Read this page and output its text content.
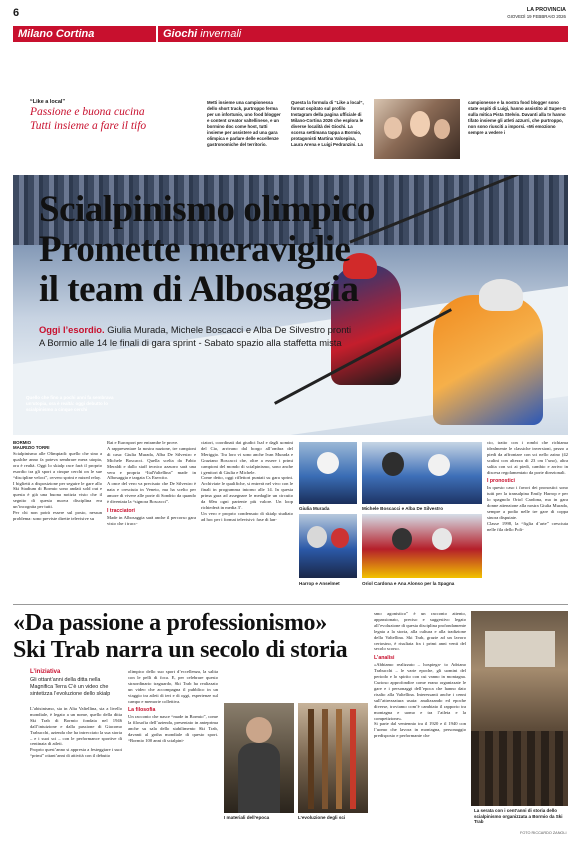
6	LA PROVINCIA
GIOVEDÌ 19 FEBBRAIO 2026
Milano Cortina	Giochi invernali
“Like a local”
Passione e buona cucina
Tutti insieme a fare il tifo
Metti insieme una campionessa dello short track, purtroppo ferma per un infortunio, uno food blogger e content creator valtellinese, e un bormino doc come host, tutti insieme per assistere ad una gara olimpica e parlare delle eccellenze gastronomiche del territorio.
Questa la formula di “Like a local”, format ospitato sul profilo Instagram della pagina ufficiale di Milano-Cortina 2026 che esplora le diverse località dei Giochi. La scorsa settimana tappa a Bormio, protagonisti Martina Valcepina, Laura Arena e Luigi Pedranzini. La
campionesse e la nostra food blogger sono state ospiti di Luigi, hanno assistito al Super-G sulla mitica Pista Stelvio. Davanti alla tv hanno tifato insieme gli atleti azzurri, che purtroppo, non sono riusciti a imporsi. «Mi emoziono sempre a vedere i
Scialpinismo olimpico
Promette meraviglie
il team di Albosaggia
Oggi l’esordio. Giulia Murada, Michele Boscacci e Alba De Silvestro pronti
A Bormio alle 14 le finali di gara sprint - Sabato spazio alla staffetta mista
Quello che fino a pochi anni fa sembrava un’utopia, ora è realtà: oggi debutto lo scialpinismo a cinque cerchi
BORMIO
MAURIZIO TORRI
Scialpinismo alle Olimpiadi: quello che sino a qualche anno fa poteva sembrare mera utopia, ora è realtà. Oggi lo skialp race farà il proprio esordio tra gli sport a cinque cerchi on le sue “discipline veloci”, ovvero sprint e mixed relay.
I biglietti a disposizione per seguire le gare allo Ski Stadium di Bormio sono andati sold out e questa è già una buona notizia visto che il segnito di questa nuova disciplina era un’incognita per tutti.
Per chi non potrà essere sul posto, nessun problema: sono previste dirette televisive su
Rai e Eurosport per entrambe le prove.
A rappresentare la nostra nazione, tre campioni di casa: Giulia Murada, Alba De Silvestro e Michele Boscacci. Quella scelta da Fabio Meraldi e dallo staff tecnico azzurro sarà una vera e propria “ItalValtellina” made in Albosaggia e targata Cs Esercito.
A once del vero va precisato che De Silvestro è nata e cresciuta in Veneto, ma ha scelto per amore di vivere alle porte di Sondrio da quando è diventata la “signora Boscacci”.
I tracciatori
Made in Albosaggia sarà anche il percorso gara visto che i tracc-
ciatori, coordinati dai giudici Isaf e dagli uomini del Cio, arrivano dal borgo all’ombra del Meriggio. Tra loro vi sono anche Ivan Murada e Graziano Boscacci che, oltre a essere i primi campioni del mondo di scialpinismo, sono anche i genitori di Giulia e Michele.
Come detto, oggi riflettori puntati su gara sprint. Archiviate le qualifiche, si entrerà nel vivo con le finali in programma intorno alle 14. In questa prima gara ad assegnare le medaglie un circuito da 60m ogni partente più valore. Un loop richiederà in media 3’.
Un vero e proprio condensato di skialp studiato ad hoc per i format televisivi: fase di lan-
Giulia Murada	Michele Boscacci e Alba De Silvestro
Harrop e Anselmet	Oriol Cardona e Ana Alonso per la Spagna
cio, tratto con i rombi che richiama idealmente le classiche inversioni, pezzo a piedi da affrontare con sci nello zaino (42 scalini con altezza di 23 cm l’uno), altra salita con sci ai piedi, cambio e arrivo in discesa regolamentato da porte direzionali.
I pronostici
In questo caso i favori dei pronostici sono tutti per la transalpina Emily Harrop e per lo spagnolo Oriol Cardona, ma in gara donne attenzione alla nostra Giulia Murada, sempre a podio nelle tre gare di coppa sinora disputate.
Classe 1998, la “figlia d’arte” cresciuta nelle fila dello Poli-
«Da passione a professionismo»
Ski Trab narra un secolo di storia
L’iniziativa
Gli ottant’anni della ditta nella Magnifica Terra C’è un video che sintetizza l’evoluzione dello skialp
L’abisinismo, sia in Alta Valtellina, sia a livello mondiale, è legato a un nome, quello della ditta Ski Trab di Bormio fondata nel 1946 dall’intuizione e dalla passione di Giacomo Trabucchi, azienda che ha intrecciato la sua storia – e i suoi sci – con le performance sportive di centinaia di atleti.
Proprio quest’anno si appresta a festeggiare i suoi “primi” ottant’anni di attività con il debutto
olimpico dello suo sport d’eccellenza, la salita con le pelli di foca. E, per celebrare questo straordinario traguardo, Ski Trab ha realizzato un video che accompagna il pubblico in un viaggio tra atleti di ieri e di oggi, esperienze sul campo e memorie collettiva.
La filosofia
Un racconto che nasce “made in Bormio”, come la filosofia dell’azienda, presentato in anteprima anche su sala dello stabilimento Ski Trab, davanti al gotha mondiale di questo sport. “Bormio 100 anni di scialpini-
I materiali dell’epoca	L’evoluzione degli sci
smo agonistico” è un racconto attento, appassionato, preciso e suggestivo legato all’evoluzione di questa disciplina profondamente legata a la storia, alla cultura e alla tradizione della Valtellina. Ski Trab, grazie ad un lavoro certosino, è risultata fra i primi anni venti del secolo scorso.
L’analisi
«Abbiamo realizzato – hospiega- to Adriano Trabucchi – le varie epoche, gli uomini del periodo e lo spirito con cui vanno in montagna. Curioso approfondire come erano organizzate le gare e i personaggi dell’epoca che hanno dato risalto alla Valtellina. Interessanti anche i cenni sull’attrezzatura usata: analizzando ed epoche diverse, troviamo com’è cambiato il rapporto tra montagna e uomo e tra l’atleta e la competizione».
Si parte dal ventennio tra il 1920 e il 1940 con l’uomo che lavora in montagna, personaggio predisposto e performante che
La serata con i cent’anni di storia dello scialpinismo organizzata a Bormio da Ski Trab
FOTO RICCARDO ZANOLI
